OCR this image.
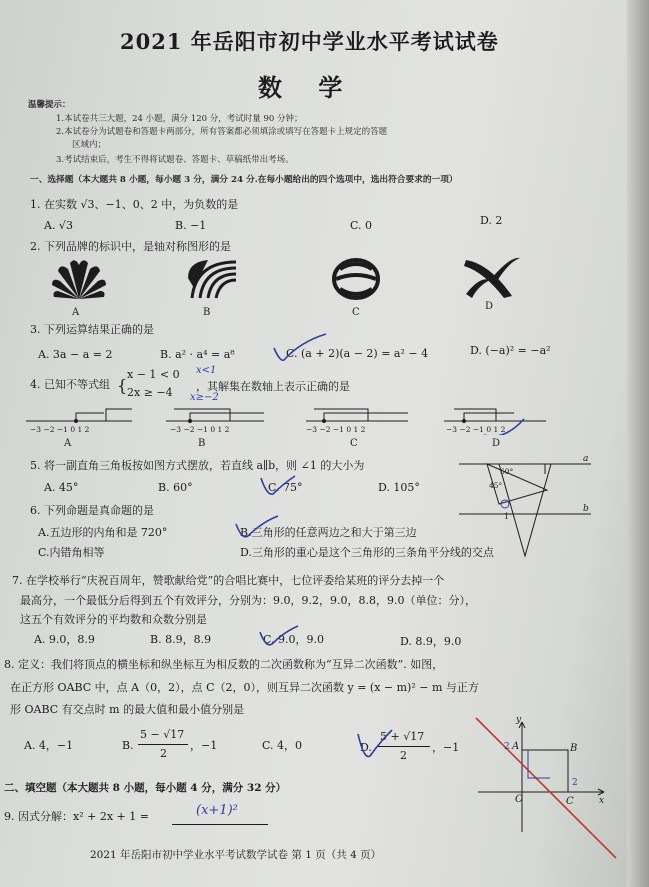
2021 年岳阳市初中学业水平考试试卷
数 学
温馨提示：
1.本试卷共三大题，24 小题，满分 120 分，考试时量 90 分钟；
2.本试卷分为试题卷和答题卡两部分，所有答案都必须填涂或填写在答题卡上规定的答题
区域内；
3.考试结束后，考生不得将试题卷、答题卡、草稿纸带出考场。
一、选择题（本大题共 8 小题，每小题 3 分，满分 24 分.在每小题给出的四个选项中，选出符合要求的一项）
1. 在实数 √3、−1、0、2 中，为负数的是
A. √3	B. −1	C. 0	D. 2
2. 下列品牌的标识中，是轴对称图形的是
A	B	C
D
3. 下列运算结果正确的是
A. 3a − a = 2	B. a² · a⁴ = a⁸	C. (a + 2)(a − 2) = a² − 4	D. (−a)² = −a²
4. 已知不等式组 {
x − 1 < 0
2x ≥ −4 ，其解集在数轴上表示正确的是
x<1
x≥−2
−3 −2 −1 0 1 2	−3 −2 −1 0 1 2	−3 −2 −1 0 1 2	−3 −2 −1 0 1 2
A	B	C	D
5. 将一副直角三角板按如图方式摆放，若直线 a∥b，则 ∠1 的大小为
A. 45°	B. 60°	C. 75°	D. 105°
a
b
60°
45°
1
6. 下列命题是真命题的是
A.五边形的内角和是 720°	B.三角形的任意两边之和大于第三边
C.内错角相等	D.三角形的重心是这个三角形的三条角平分线的交点
7. 在学校举行“庆祝百周年，赞歌献给党”的合唱比赛中，七位评委给某班的评分去掉一个
最高分，一个最低分后得到五个有效评分，分别为：9.0，9.2，9.0，8.8，9.0（单位：分），
这五个有效评分的平均数和众数分别是
A. 9.0，8.9	B. 8.9，8.9	C. 9.0，9.0	D. 8.9，9.0
8. 定义：我们将顶点的横坐标和纵坐标互为相反数的二次函数称为“互异二次函数”. 如图，
在正方形 OABC 中，点 A（0，2），点 C（2，0），则互异二次函数 y = (x − m)² − m 与正方
形 OABC 有交点时 m 的最大值和最小值分别是
A. 4，−1	B.
5 − √17
2
，−1	C. 4，0	D.
5 + √17
2
，−1
y
x
A
2	B
C
O
2
二、填空题（本大题共 8 小题，每小题 4 分，满分 32 分）
9. 因式分解：x² + 2x + 1 =	(x+1)²
2021 年岳阳市初中学业水平考试数学试卷 第 1 页（共 4 页）
